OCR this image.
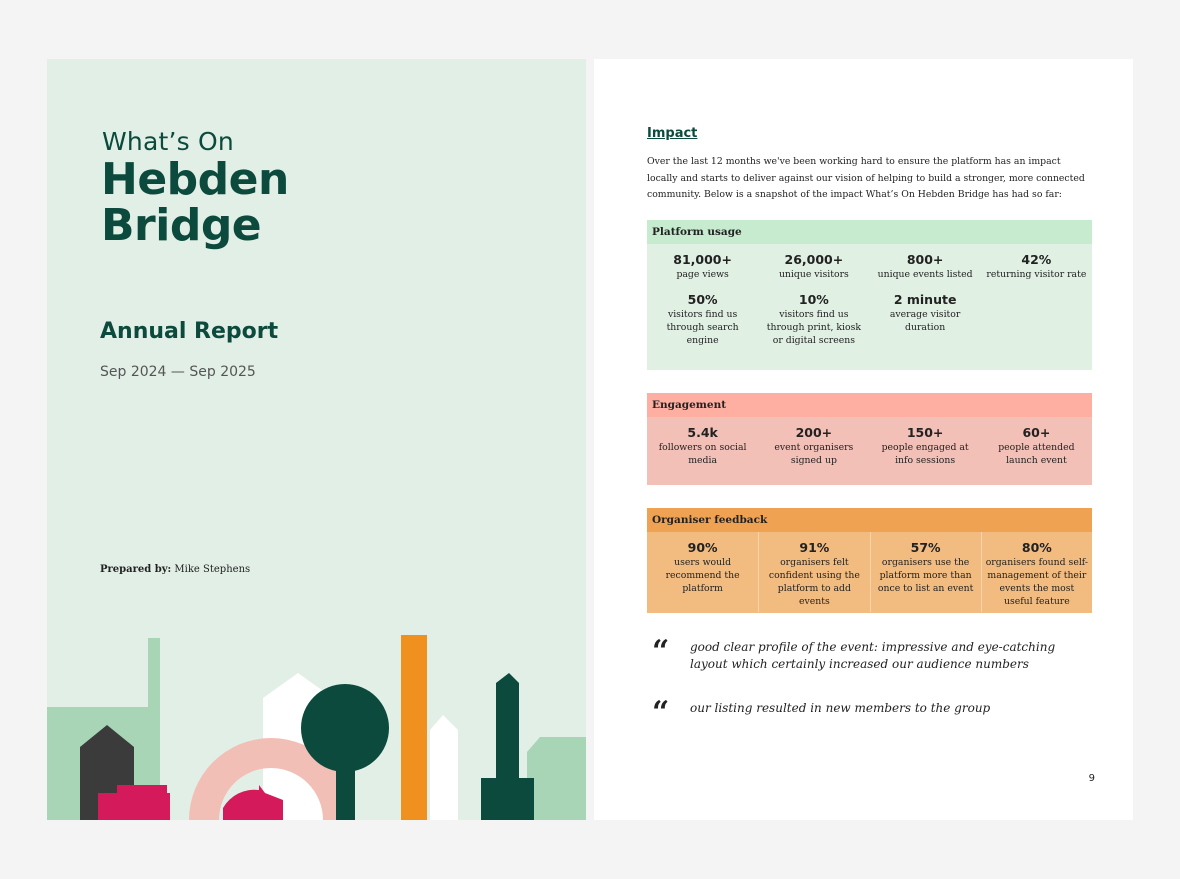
What’s On
Hebden
Bridge
Annual Report
Sep 2024 — Sep 2025
Prepared by: Mike Stephens
Impact
Over the last 12 months we've been working hard to ensure the platform has an impact locally and starts to deliver against our vision of helping to build a stronger, more connected community. Below is a snapshot of the impact What’s On Hebden Bridge has had so far:
Platform usage
81,000+
page views
26,000+
unique visitors
800+
unique events listed
42%
returning visitor rate
50%
visitors find us through search engine
10%
visitors find us through print, kiosk or digital screens
2 minute
average visitor duration
Engagement
5.4k
followers on social media
200+
event organisers signed up
150+
people engaged at info sessions
60+
people attended launch event
Organiser feedback
90%
users would recommend the platform
91%
organisers felt confident using the platform to add events
57%
organisers use the platform more than once to list an event
80%
organisers found self-management of their events the most useful feature
“	good clear profile of the event: impressive and eye-catching layout which certainly increased our audience numbers
“	our listing resulted in new members to the group
9
